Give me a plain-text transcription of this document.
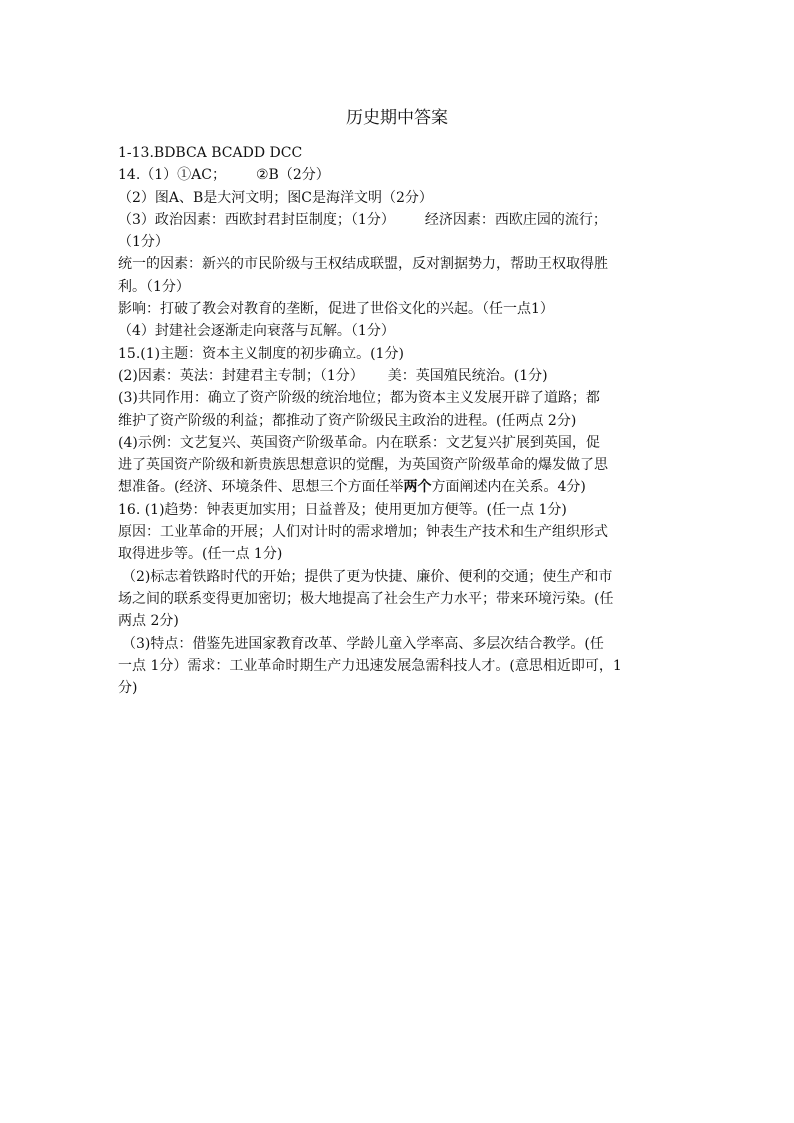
历史期中答案
1-13.BDBCA BCADD DCC
14.（1）①AC； ②B（2分）
（2）图A、B是大河文明；图C是海洋文明（2分）
（3）政治因素：西欧封君封臣制度；（1分） 经济因素：西欧庄园的流行；
（1分）
统一的因素：新兴的市民阶级与王权结成联盟，反对割据势力，帮助王权取得胜
利。（1分）
影响：打破了教会对教育的垄断，促进了世俗文化的兴起。（任一点1）
（4）封建社会逐渐走向衰落与瓦解。（1分）
15.(1)主题：资本主义制度的初步确立。(1分)
(2)因素：英法：封建君主专制；（1分） 美：英国殖民统治。(1分)
(3)共同作用：确立了资产阶级的统治地位；都为资本主义发展开辟了道路；都
维护了资产阶级的利益；都推动了资产阶级民主政治的进程。(任两点 2分)
(4)示例：文艺复兴、英国资产阶级革命。内在联系：文艺复兴扩展到英国，促
进了英国资产阶级和新贵族思想意识的觉醒，为英国资产阶级革命的爆发做了思
想准备。(经济、环境条件、思想三个方面任举两个方面阐述内在关系。4分)
16. (1)趋势：钟表更加实用；日益普及；使用更加方便等。(任一点 1分)
原因：工业革命的开展；人们对计时的需求增加；钟表生产技术和生产组织形式
取得进步等。(任一点 1分)
（2)标志着铁路时代的开始；提供了更为快捷、廉价、便利的交通；使生产和市
场之间的联系变得更加密切；极大地提高了社会生产力水平；带来环境污染。(任
两点 2分)
（3)特点：借鉴先进国家教育改革、学龄儿童入学率高、多层次结合教学。(任
一点 1分）需求：工业革命时期生产力迅速发展急需科技人才。(意思相近即可，1
分)
